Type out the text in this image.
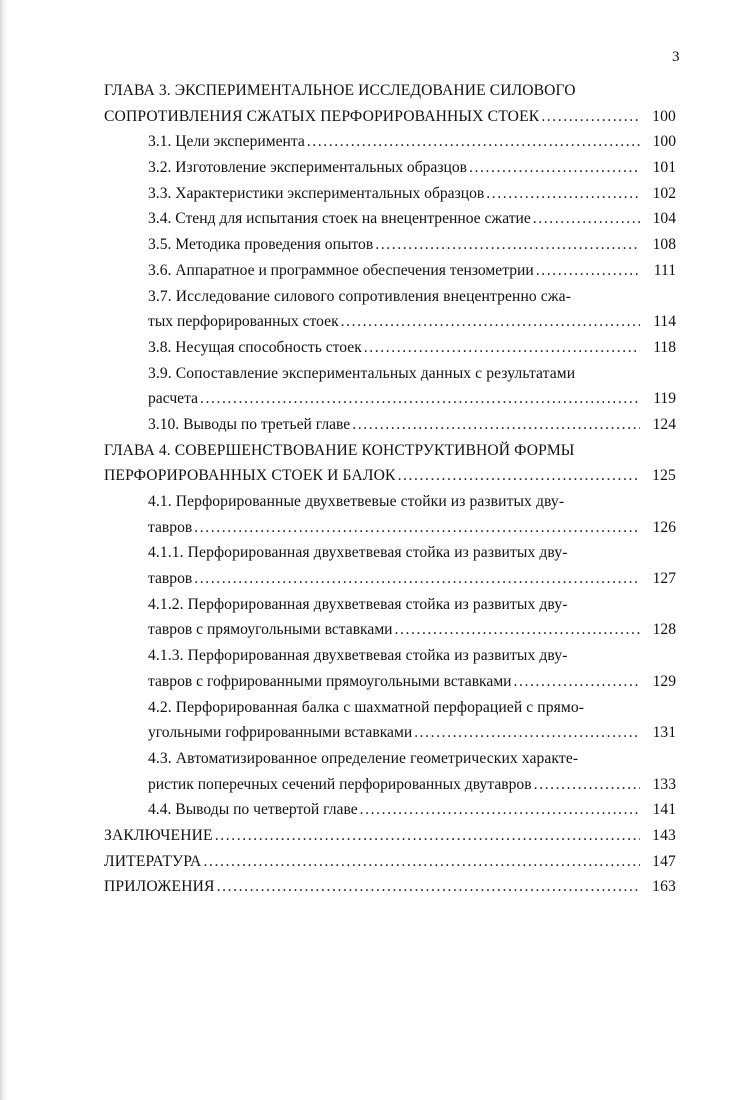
3
ГЛАВА 3. ЭКСПЕРИМЕНТАЛЬНОЕ ИССЛЕДОВАНИЕ СИЛОВОГО
СОПРОТИВЛЕНИЯ СЖАТЫХ ПЕРФОРИРОВАННЫХ СТОЕК .....	100
3.1. Цели эксперимента .....	100
3.2. Изготовление экспериментальных образцов .....	101
3.3. Характеристики экспериментальных образцов .....	102
3.4. Стенд для испытания стоек на внецентренное сжатие .....	104
3.5. Методика проведения опытов .....	108
3.6. Аппаратное и программное обеспечения тензометрии .....	111
3.7. Исследование силового сопротивления внецентренно сжа-
тых перфорированных стоек .....	114
3.8. Несущая способность стоек .....	118
3.9. Сопоставление экспериментальных данных с результатами
расчета .....	119
3.10. Выводы по третьей главе .....	124
ГЛАВА 4. СОВЕРШЕНСТВОВАНИЕ КОНСТРУКТИВНОЙ ФОРМЫ
ПЕРФОРИРОВАННЫХ СТОЕК И БАЛОК .....	125
4.1. Перфорированные двухветвевые стойки из развитых дву-
тавров .....	126
4.1.1. Перфорированная двухветвевая стойка из развитых дву-
тавров .....	127
4.1.2. Перфорированная двухветвевая стойка из развитых дву-
тавров с прямоугольными вставками .....	128
4.1.3. Перфорированная двухветвевая стойка из развитых дву-
тавров с гофрированными прямоугольными вставками .....	129
4.2. Перфорированная балка с шахматной перфорацией с прямо-
угольными гофрированными вставками .....	131
4.3. Автоматизированное определение геометрических характе-
ристик поперечных сечений перфорированных двутавров .....	133
4.4. Выводы по четвертой главе .....	141
ЗАКЛЮЧЕНИЕ .....	143
ЛИТЕРАТУРА .....	147
ПРИЛОЖЕНИЯ .....	163
